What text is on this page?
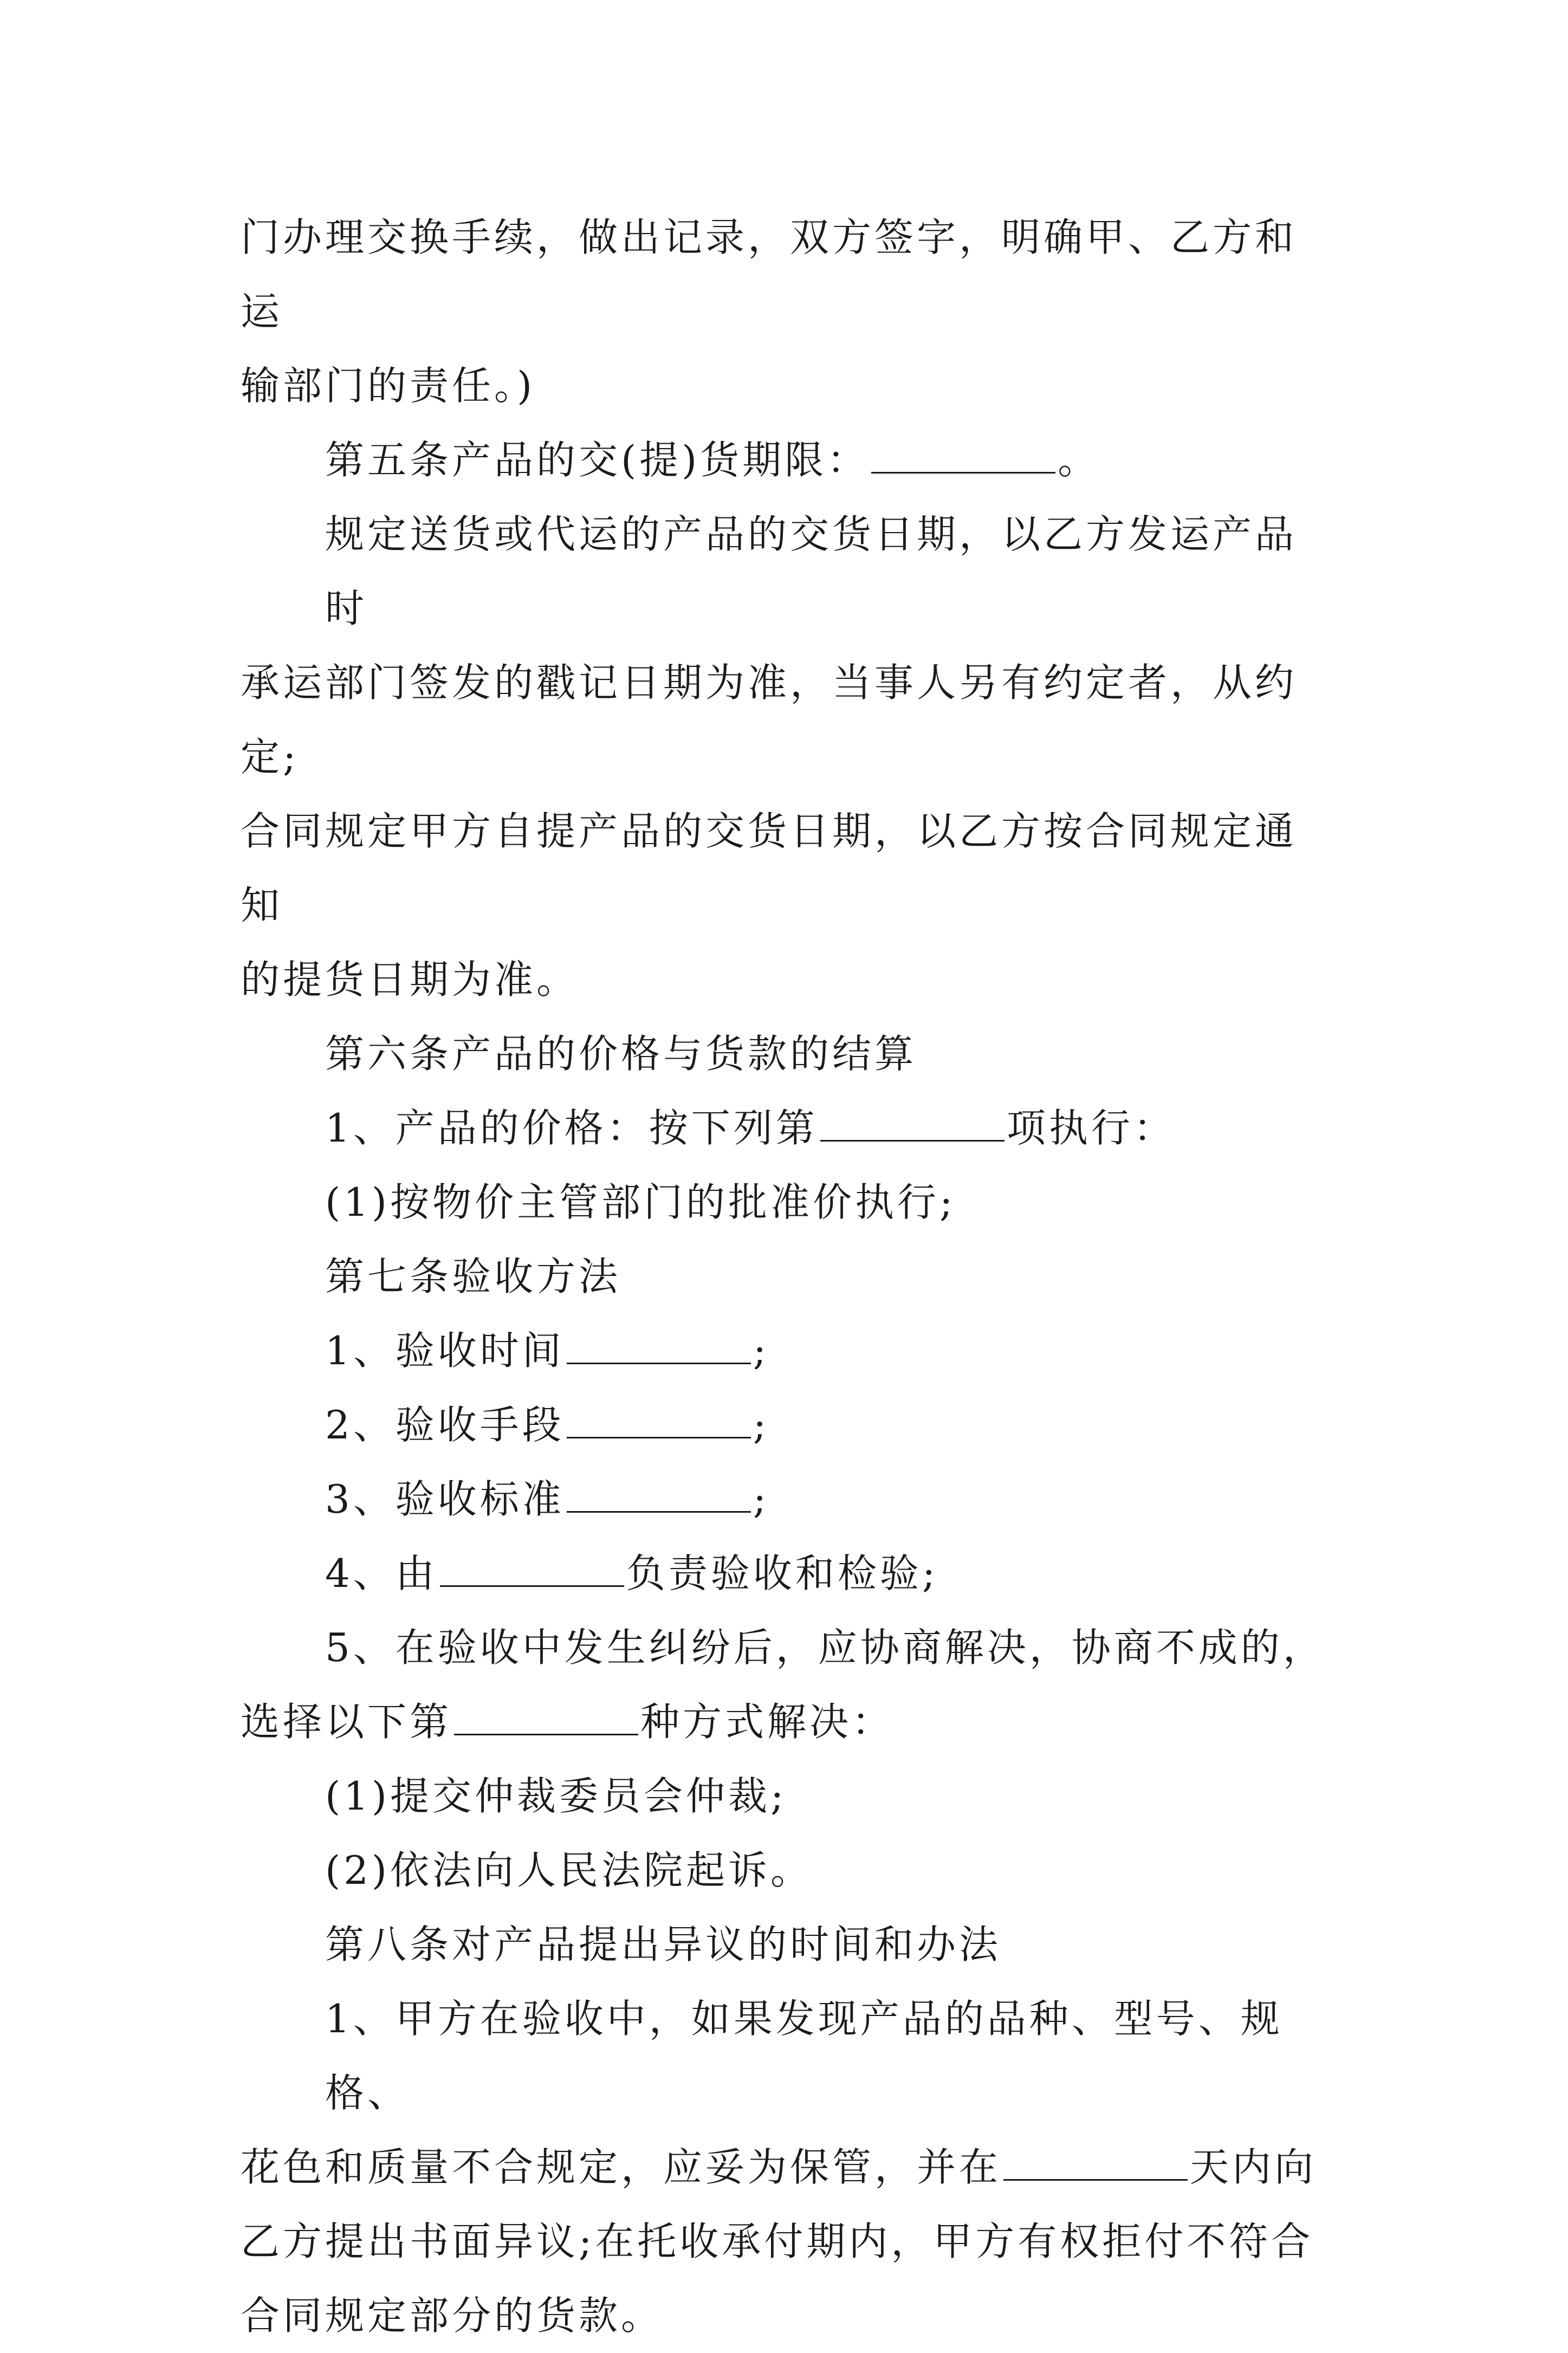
门办理交换手续，做出记录，双方签字，明确甲、乙方和运
输部门的责任。)
第五条产品的交(提)货期限：	。
规定送货或代运的产品的交货日期，以乙方发运产品时
承运部门签发的戳记日期为准，当事人另有约定者，从约定;
合同规定甲方自提产品的交货日期，以乙方按合同规定通知
的提货日期为准。
第六条产品的价格与货款的结算
1、产品的价格：按下列第	项执行：
(1)按物价主管部门的批准价执行;
第七条验收方法
1、验收时间	;
2、验收手段	;
3、验收标准	;
4、由	负责验收和检验;
5、在验收中发生纠纷后，应协商解决，协商不成的，
选择以下第	种方式解决：
(1)提交仲裁委员会仲裁;
(2)依法向人民法院起诉。
第八条对产品提出异议的时间和办法
1、甲方在验收中，如果发现产品的品种、型号、规格、
花色和质量不合规定，应妥为保管，并在	天内向
乙方提出书面异议;在托收承付期内，甲方有权拒付不符合
合同规定部分的货款。
